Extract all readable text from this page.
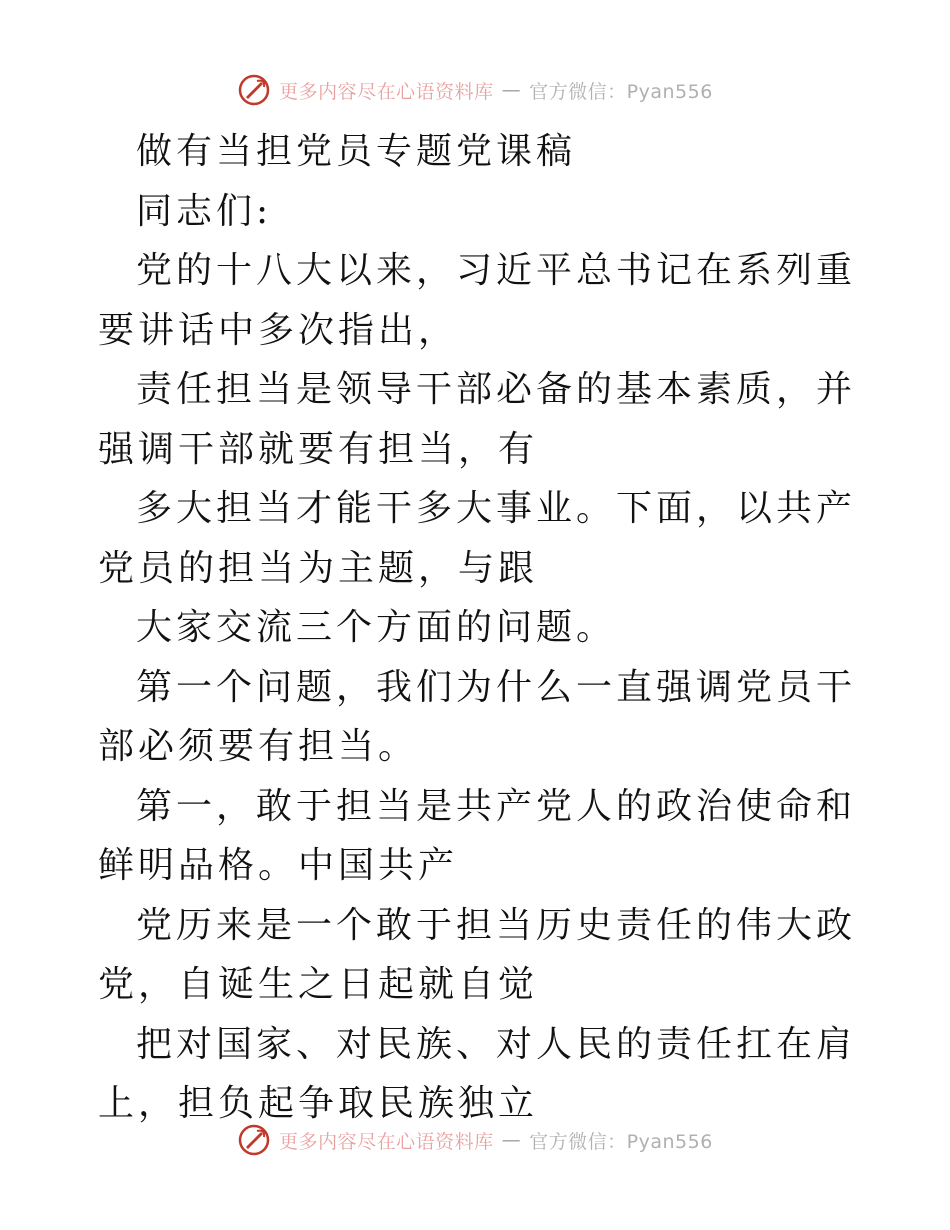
更多内容尽在心语资料库 — 官方微信：Pyan556

做有当担党员专题党课稿

同志们:

党的十八大以来，习近平总书记在系列重要讲话中多次指出，

责任担当是领导干部必备的基本素质，并强调干部就要有担当，有

多大担当才能干多大事业。下面，以共产党员的担当为主题，与跟

大家交流三个方面的问题。

第一个问题，我们为什么一直强调党员干部必须要有担当。

第一，敢于担当是共产党人的政治使命和鲜明品格。中国共产

党历来是一个敢于担当历史责任的伟大政党，自诞生之日起就自觉

把对国家、对民族、对人民的责任扛在肩上，担负起争取民族独立

更多内容尽在心语资料库 — 官方微信：Pyan556
